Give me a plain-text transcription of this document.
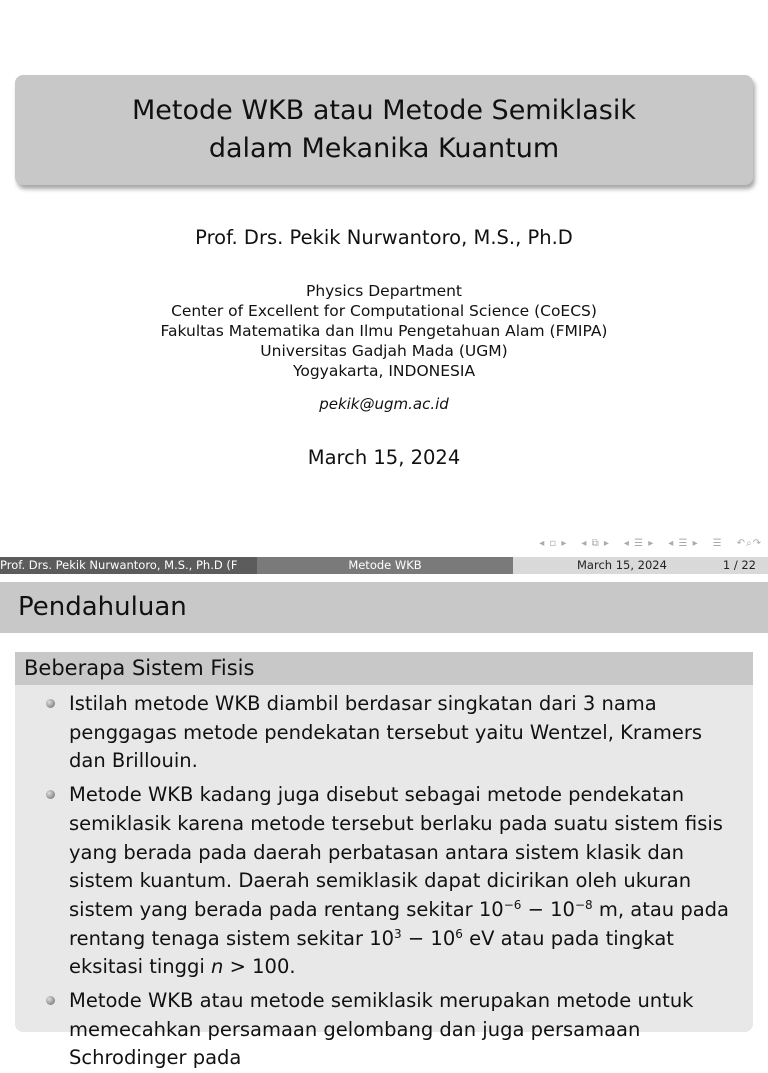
Metode WKB atau Metode Semiklasik
dalam Mekanika Kuantum
Prof. Drs. Pekik Nurwantoro, M.S., Ph.D
Physics Department
Center of Excellent for Computational Science (CoECS)
Fakultas Matematika dan Ilmu Pengetahuan Alam (FMIPA)
Universitas Gadjah Mada (UGM)
Yogyakarta, INDONESIA
pekik@ugm.ac.id
March 15, 2024
◂ ▫ ▸ ◂ ⧉ ▸ ◂ ☰ ▸ ◂ ☰ ▸ ☰ ↶⌕↷
Prof. Drs. Pekik Nurwantoro, M.S., Ph.D (F	Metode WKB	March 15, 2024	1 / 22
Pendahuluan
Beberapa Sistem Fisis
Istilah metode WKB diambil berdasar singkatan dari 3 nama penggagas metode pendekatan tersebut yaitu Wentzel, Kramers dan Brillouin.
Metode WKB kadang juga disebut sebagai metode pendekatan semiklasik karena metode tersebut berlaku pada suatu sistem fisis yang berada pada daerah perbatasan antara sistem klasik dan sistem kuantum. Daerah semiklasik dapat dicirikan oleh ukuran sistem yang berada pada rentang sekitar $10^{-6} - 10^{-8}$ m, atau pada rentang tenaga sistem sekitar $10^3 - 10^6$ eV atau pada tingkat eksitasi tinggi n > 100.
Metode WKB atau metode semiklasik merupakan metode untuk memecahkan persamaan gelombang dan juga persamaan Schrodinger pada
